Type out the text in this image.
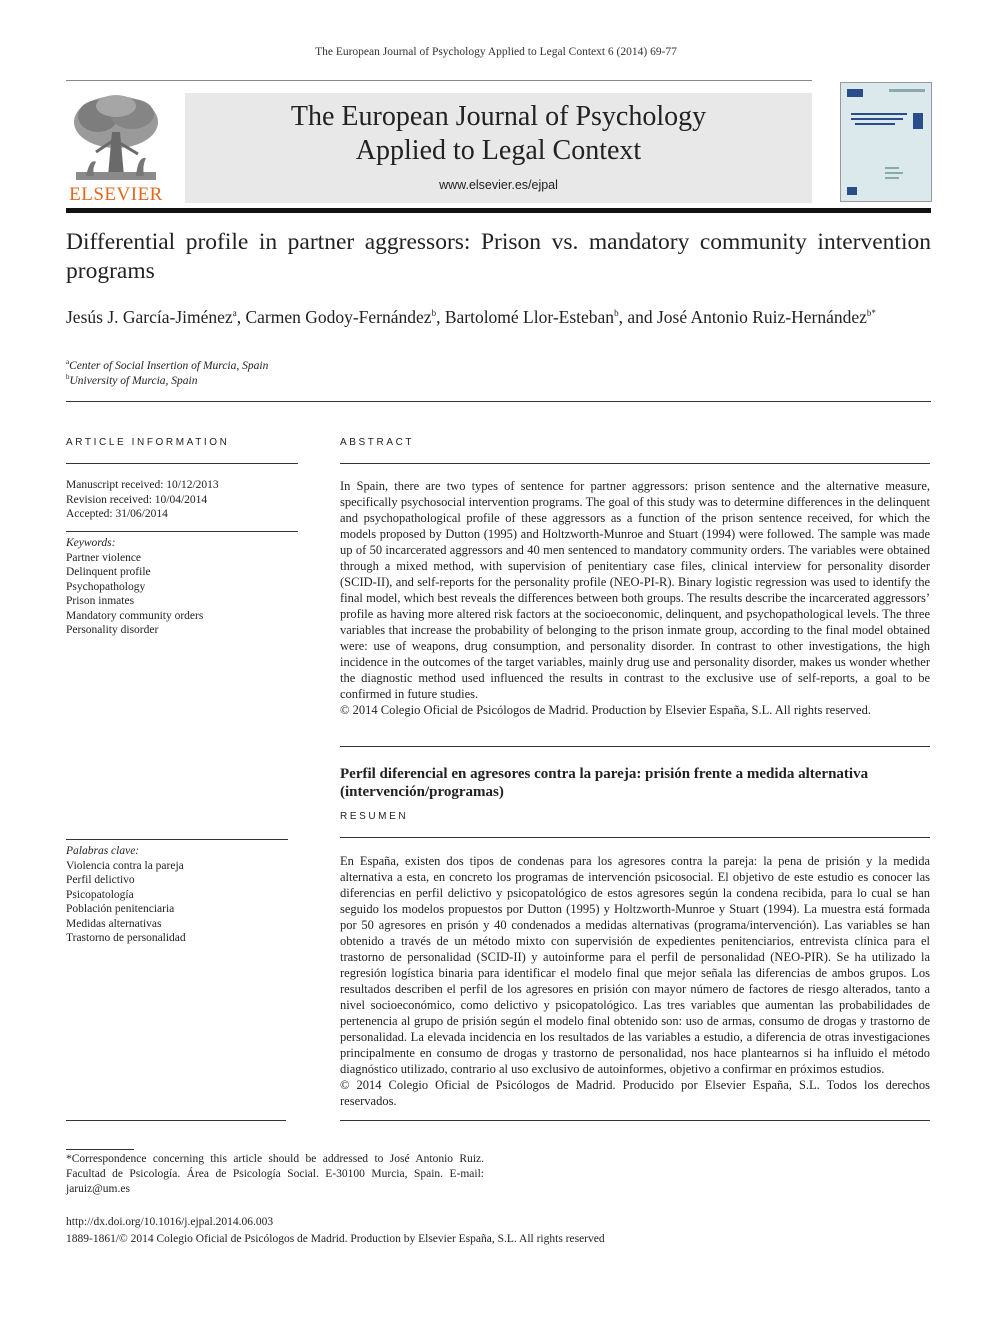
The European Journal of Psychology Applied to Legal Context 6 (2014) 69-77
ELSEVIER
The European Journal of Psychology
Applied to Legal Context
www.elsevier.es/ejpal
Differential profile in partner aggressors: Prison vs. mandatory community intervention programs
Jesús J. García-Jiménez$^a$, Carmen Godoy-Fernández$^b$, Bartolomé Llor-Esteban$^b$, and José Antonio Ruiz-Hernández$^{b*}$
$^a$Center of Social Insertion of Murcia, Spain
$^b$University of Murcia, Spain
ARTICLE INFORMATION
Manuscript received: 10/12/2013
Revision received: 10/04/2014
Accepted: 31/06/2014
Keywords:
Partner violence
Delinquent profile
Psychopathology
Prison inmates
Mandatory community orders
Personality disorder
ABSTRACT

In Spain, there are two types of sentence for partner aggressors: prison sentence and the alternative measure, specifically psychosocial intervention programs. The goal of this study was to determine differences in the delinquent and psychopathological profile of these aggressors as a function of the prison sentence received, for which the models proposed by Dutton (1995) and Holtzworth-Munroe and Stuart (1994) were followed. The sample was made up of 50 incarcerated aggressors and 40 men sentenced to mandatory community orders. The variables were obtained through a mixed method, with supervision of penitentiary case files, clinical interview for personality disorder (SCID-II), and self-reports for the personality profile (NEO-PI-R). Binary logistic regression was used to identify the final model, which best reveals the differences between both groups. The results describe the incarcerated aggressors’ profile as having more altered risk factors at the socioeconomic, delinquent, and psychopathological levels. The three variables that increase the probability of belonging to the prison inmate group, according to the final model obtained were: use of weapons, drug consumption, and personality disorder. In contrast to other investigations, the high incidence in the outcomes of the target variables, mainly drug use and personality disorder, makes us wonder whether the diagnostic method used influenced the results in contrast to the exclusive use of self-reports, a goal to be confirmed in future studies.

© 2014 Colegio Oficial de Psicólogos de Madrid. Production by Elsevier España, S.L. All rights reserved.

Perfil diferencial en agresores contra la pareja: prisión frente a medida alternativa (intervención/programas)
RESUMEN
Palabras clave:
Violencia contra la pareja
Perfil delictivo
Psicopatología
Población penitenciaria
Medidas alternativas
Trastorno de personalidad

En España, existen dos tipos de condenas para los agresores contra la pareja: la pena de prisión y la medida alternativa a esta, en concreto los programas de intervención psicosocial. El objetivo de este estudio es conocer las diferencias en perfil delictivo y psicopatológico de estos agresores según la condena recibida, para lo cual se han seguido los modelos propuestos por Dutton (1995) y Holtzworth-Munroe y Stuart (1994). La muestra está formada por 50 agresores en prisón y 40 condenados a medidas alternativas (programa/intervención). Las variables se han obtenido a través de un método mixto con supervisión de expedientes penitenciarios, entrevista clínica para el trastorno de personalidad (SCID-II) y autoinforme para el perfil de personalidad (NEO-PIR). Se ha utilizado la regresión logística binaria para identificar el modelo final que mejor señala las diferencias de ambos grupos. Los resultados describen el perfil de los agresores en prisión con mayor número de factores de riesgo alterados, tanto a nivel socioeconómico, como delictivo y psicopatológico. Las tres variables que aumentan las probabilidades de pertenencia al grupo de prisión según el modelo final obtenido son: uso de armas, consumo de drogas y trastorno de personalidad. La elevada incidencia en los resultados de las variables a estudio, a diferencia de otras investigaciones principalmente en consumo de drogas y trastorno de personalidad, nos hace plantearnos si ha influido el método diagnóstico utilizado, contrario al uso exclusivo de autoinformes, objetivo a confirmar en próximos estudios.

© 2014 Colegio Oficial de Psicólogos de Madrid. Producido por Elsevier España, S.L. Todos los derechos reservados.

*Correspondence concerning this article should be addressed to José Antonio Ruiz. Facultad de Psicología. Área de Psicología Social. E-30100 Murcia, Spain. E-mail: jaruiz@um.es
http://dx.doi.org/10.1016/j.ejpal.2014.06.003
1889-1861/© 2014 Colegio Oficial de Psicólogos de Madrid. Production by Elsevier España, S.L. All rights reserved
